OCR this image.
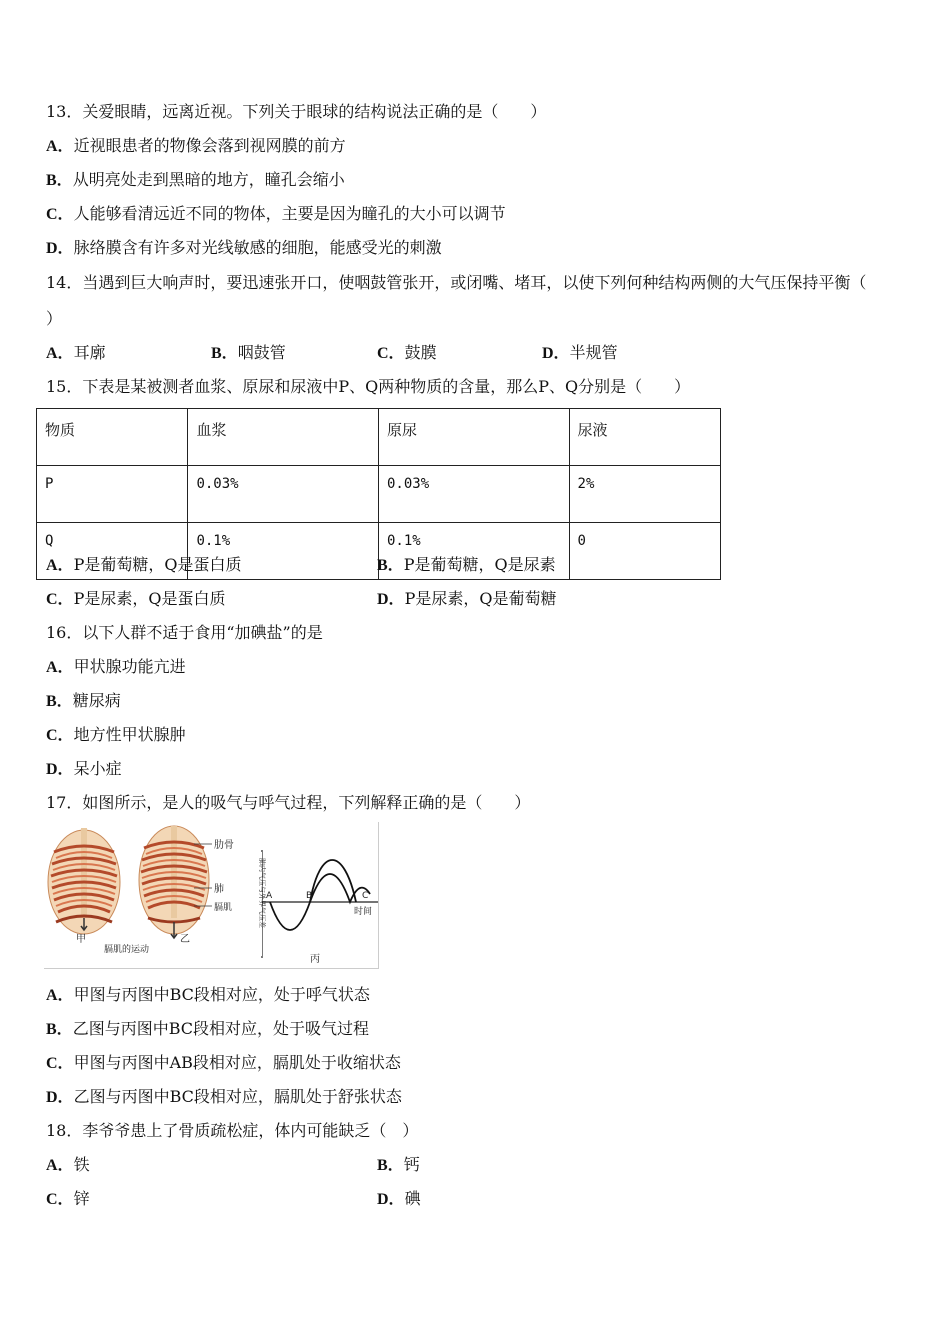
13．关爱眼睛，远离近视。下列关于眼球的结构说法正确的是（　　）
A．近视眼患者的物像会落到视网膜的前方
B．从明亮处走到黑暗的地方，瞳孔会缩小
C．人能够看清远近不同的物体，主要是因为瞳孔的大小可以调节
D．脉络膜含有许多对光线敏感的细胞，能感受光的刺激
14．当遇到巨大响声时，要迅速张开口，使咽鼓管张开，或闭嘴、堵耳，以使下列何种结构两侧的大气压保持平衡（
）
A．耳廓	B．咽鼓管	C．鼓膜	D．半规管
15．下表是某被测者血浆、原尿和尿液中P、Q两种物质的含量，那么P、Q分别是（　　）
物质	血浆	原尿	尿液
P	0.03%	0.03%	2%
Q	0.1%	0.1%	0
A．P是葡萄糖，Q是蛋白质	B．P是葡萄糖，Q是尿素
C．P是尿素，Q是蛋白质	D．P是尿素，Q是葡萄糖
16．以下人群不适于食用“加碘盐”的是
A．甲状腺功能亢进
B．糖尿病
C．地方性甲状腺肿
D．呆小症
17．如图所示，是人的吸气与呼气过程，下列解释正确的是（　　）
甲
肋骨
肺
膈肌
乙
膈肌的运动
A	B	C
时间
丙
肺内气压与外界气压差
A．甲图与丙图中BC段相对应，处于呼气状态
B．乙图与丙图中BC段相对应，处于吸气过程
C．甲图与丙图中AB段相对应，膈肌处于收缩状态
D．乙图与丙图中BC段相对应，膈肌处于舒张状态
18．李爷爷患上了骨质疏松症，体内可能缺乏（　）
A．铁	B．钙
C．锌	D．碘
